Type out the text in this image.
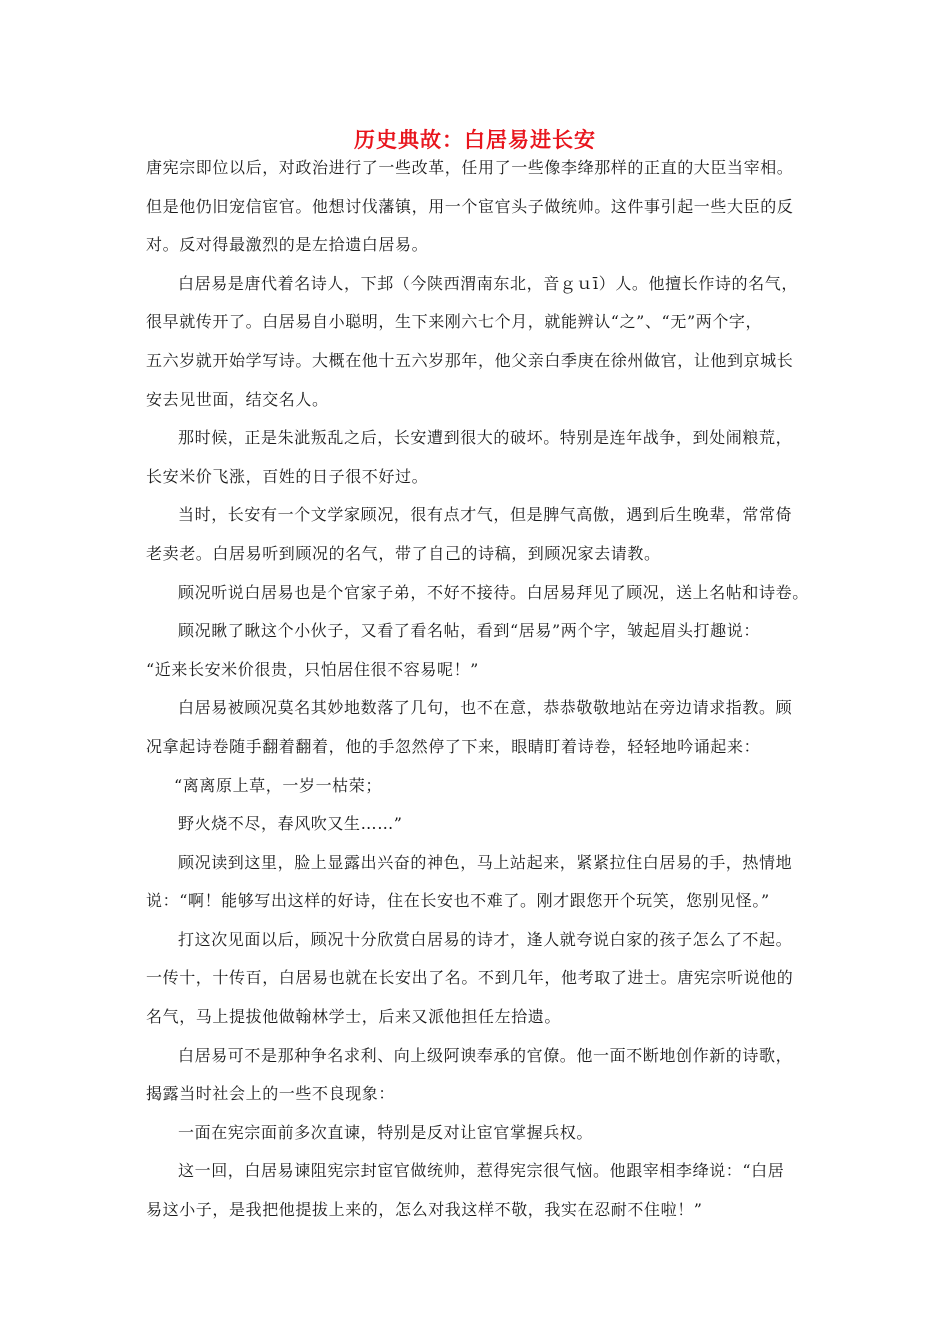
历史典故：白居易进长安

唐宪宗即位以后，对政治进行了一些改革，任用了一些像李绛那样的正直的大臣当宰相。

但是他仍旧宠信宦官。他想讨伐藩镇，用一个宦官头子做统帅。这件事引起一些大臣的反

对。反对得最激烈的是左拾遗白居易。

白居易是唐代着名诗人，下邽（今陕西渭南东北，音ｇｕī）人。他擅长作诗的名气，

很早就传开了。白居易自小聪明，生下来刚六七个月，就能辨认“之”、“无”两个字，

五六岁就开始学写诗。大概在他十五六岁那年，他父亲白季庚在徐州做官，让他到京城长

安去见世面，结交名人。

那时候，正是朱泚叛乱之后，长安遭到很大的破坏。特别是连年战争，到处闹粮荒，

长安米价飞涨，百姓的日子很不好过。

当时，长安有一个文学家顾况，很有点才气，但是脾气高傲，遇到后生晚辈，常常倚

老卖老。白居易听到顾况的名气，带了自己的诗稿，到顾况家去请教。

顾况听说白居易也是个官家子弟，不好不接待。白居易拜见了顾况，送上名帖和诗卷。

顾况瞅了瞅这个小伙子，又看了看名帖，看到“居易”两个字，皱起眉头打趣说：

“近来长安米价很贵，只怕居住很不容易呢！”

白居易被顾况莫名其妙地数落了几句，也不在意，恭恭敬敬地站在旁边请求指教。顾

况拿起诗卷随手翻着翻着，他的手忽然停了下来，眼睛盯着诗卷，轻轻地吟诵起来：

“离离原上草，一岁一枯荣；

野火烧不尽，春风吹又生……”

顾况读到这里，脸上显露出兴奋的神色，马上站起来，紧紧拉住白居易的手，热情地

说：“啊！能够写出这样的好诗，住在长安也不难了。刚才跟您开个玩笑，您别见怪。”

打这次见面以后，顾况十分欣赏白居易的诗才，逢人就夸说白家的孩子怎么了不起。

一传十，十传百，白居易也就在长安出了名。不到几年，他考取了进士。唐宪宗听说他的

名气，马上提拔他做翰林学士，后来又派他担任左拾遗。

白居易可不是那种争名求利、向上级阿谀奉承的官僚。他一面不断地创作新的诗歌，

揭露当时社会上的一些不良现象：

一面在宪宗面前多次直谏，特别是反对让宦官掌握兵权。

这一回，白居易谏阻宪宗封宦官做统帅，惹得宪宗很气恼。他跟宰相李绛说：“白居

易这小子，是我把他提拔上来的，怎么对我这样不敬，我实在忍耐不住啦！”
